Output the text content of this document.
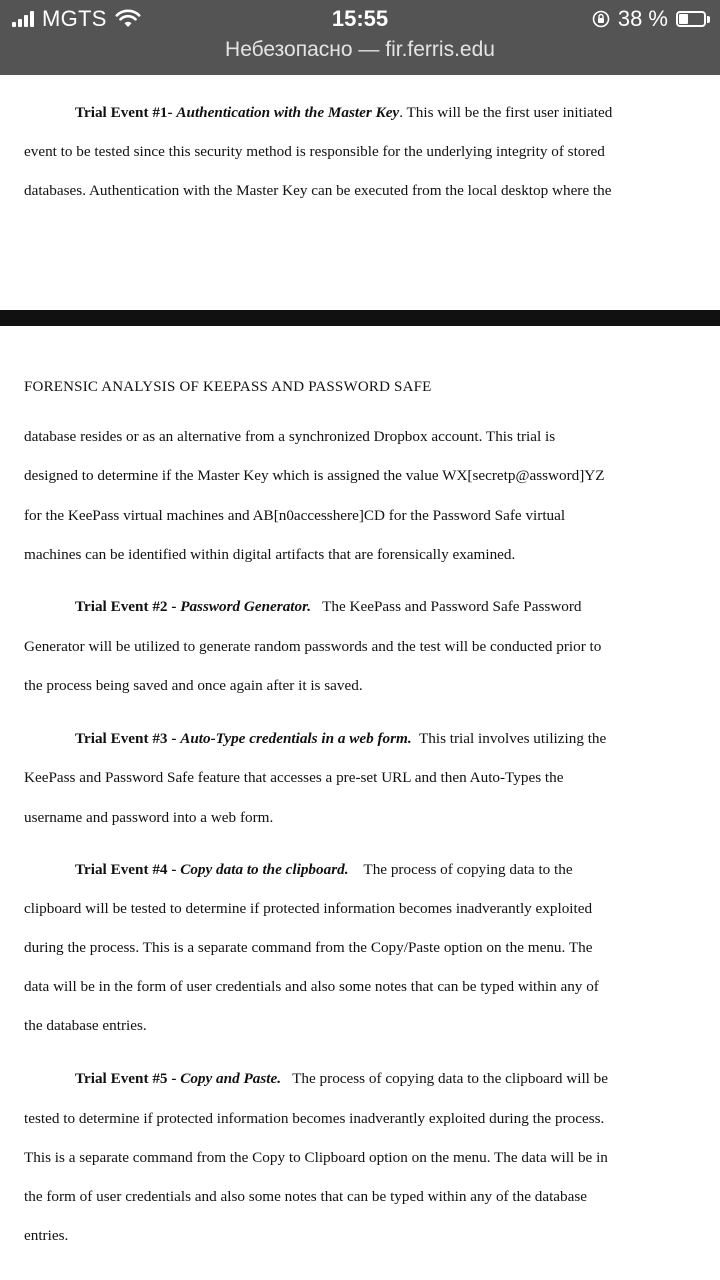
MGTS	15:55	38 %
Небезопасно — fir.ferris.edu
Trial Event #1- Authentication with the Master Key. This will be the first user initiated
event to be tested since this security method is responsible for the underlying integrity of stored
databases. Authentication with the Master Key can be executed from the local desktop where the
FORENSIC ANALYSIS OF KEEPASS AND PASSWORD SAFE
database resides or as an alternative from a synchronized Dropbox account. This trial is
designed to determine if the Master Key which is assigned the value WX[secretp@assword]YZ
for the KeePass virtual machines and AB[n0accesshere]CD for the Password Safe virtual
machines can be identified within digital artifacts that are forensically examined.
Trial Event #2 - Password Generator.   The KeePass and Password Safe Password
Generator will be utilized to generate random passwords and the test will be conducted prior to
the process being saved and once again after it is saved.
Trial Event #3 - Auto-Type credentials in a web form.  This trial involves utilizing the
KeePass and Password Safe feature that accesses a pre-set URL and then Auto-Types the
username and password into a web form.
Trial Event #4 - Copy data to the clipboard.    The process of copying data to the
clipboard will be tested to determine if protected information becomes inadverantly exploited
during the process. This is a separate command from the Copy/Paste option on the menu. The
data will be in the form of user credentials and also some notes that can be typed within any of
the database entries.
Trial Event #5 - Copy and Paste.   The process of copying data to the clipboard will be
tested to determine if protected information becomes inadverantly exploited during the process.
This is a separate command from the Copy to Clipboard option on the menu. The data will be in
the form of user credentials and also some notes that can be typed within any of the database
entries.
